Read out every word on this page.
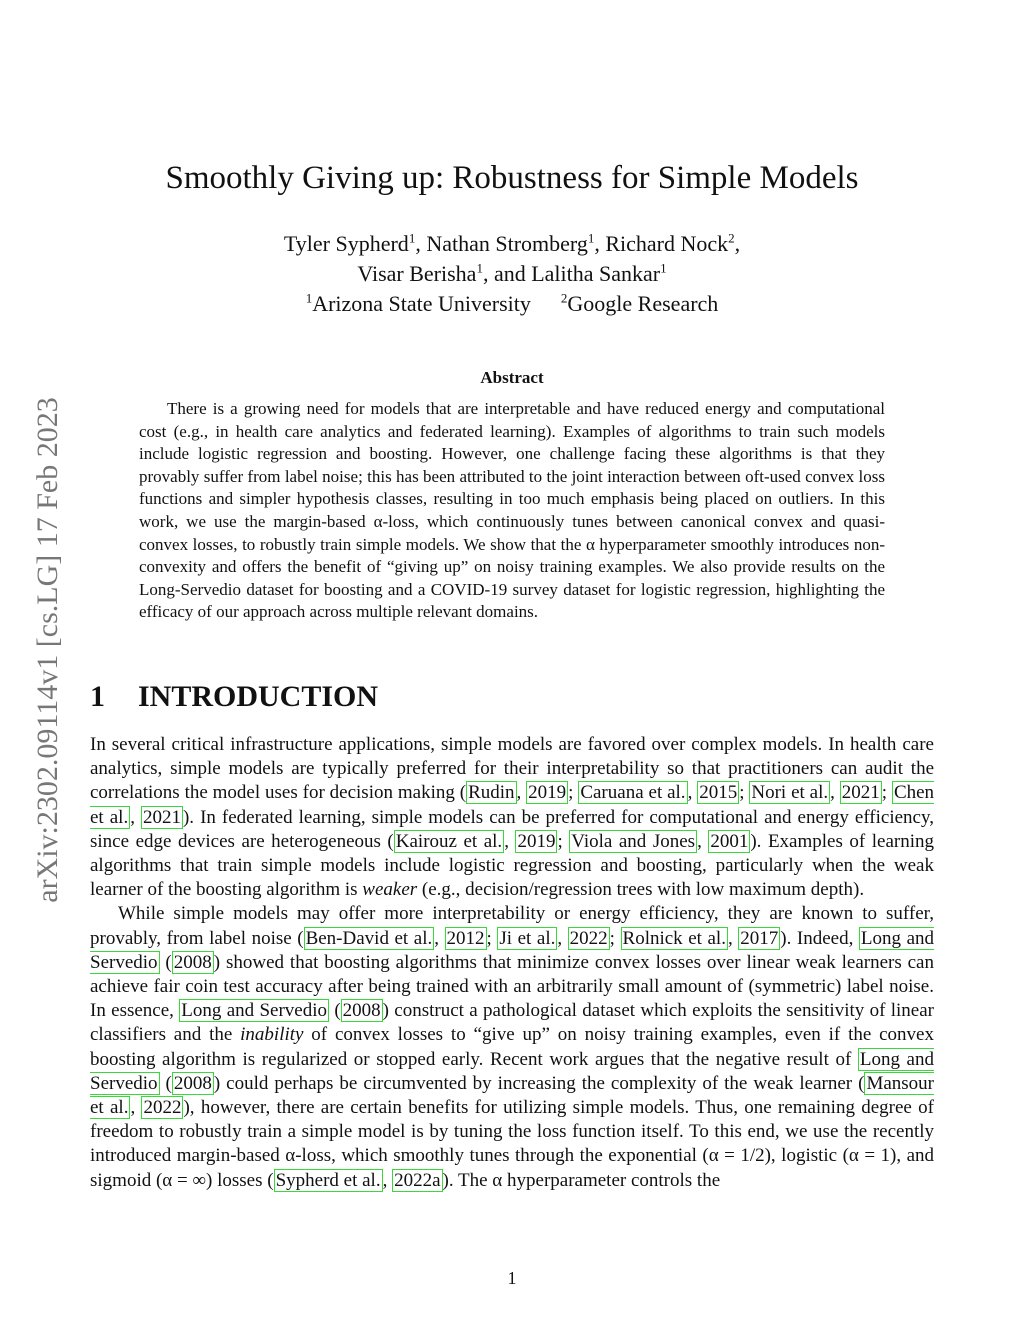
arXiv:2302.09114v1 [cs.LG] 17 Feb 2023
Smoothly Giving up: Robustness for Simple Models
Tyler Sypherd$^1$, Nathan Stromberg$^1$, Richard Nock$^2$,
Visar Berisha$^1$, and Lalitha Sankar$^1$
$^1$Arizona State University $^2$Google Research
Abstract

There is a growing need for models that are interpretable and have reduced energy and computational cost (e.g., in health care analytics and federated learning). Examples of algorithms to train such models include logistic regression and boosting. However, one challenge facing these algorithms is that they provably suffer from label noise; this has been attributed to the joint interaction between oft-used convex loss functions and simpler hypothesis classes, resulting in too much emphasis being placed on outliers. In this work, we use the margin-based α-loss, which continuously tunes between canonical convex and quasi-convex losses, to robustly train simple models. We show that the α hyperparameter smoothly introduces non-convexity and offers the benefit of “giving up” on noisy training examples. We also provide results on the Long-Servedio dataset for boosting and a COVID-19 survey dataset for logistic regression, highlighting the efficacy of our approach across multiple relevant domains.

1 INTRODUCTION

In several critical infrastructure applications, simple models are favored over complex models. In health care analytics, simple models are typically preferred for their interpretability so that practitioners can audit the correlations the model uses for decision making ( Rudin , 2019 ; Caruana et al. , 2015 ; Nori et al. , 2021 ; Chen et al. , 2021 ). In federated learning, simple models can be preferred for computational and energy efficiency, since edge devices are heterogeneous ( Kairouz et al. , 2019 ; Viola and Jones , 2001 ). Examples of learning algorithms that train simple models include logistic regression and boosting, particularly when the weak learner of the boosting algorithm is weaker (e.g., decision/regression trees with low maximum depth).

While simple models may offer more interpretability or energy efficiency, they are known to suffer, provably, from label noise ( Ben-David et al. , 2012 ; Ji et al. , 2022 ; Rolnick et al. , 2017 ). Indeed, Long and Servedio ( 2008 ) showed that boosting algorithms that minimize convex losses over linear weak learners can achieve fair coin test accuracy after being trained with an arbitrarily small amount of (symmetric) label noise. In essence, Long and Servedio ( 2008 ) construct a pathological dataset which exploits the sensitivity of linear classifiers and the inability of convex losses to “give up” on noisy training examples, even if the convex boosting algorithm is regularized or stopped early. Recent work argues that the negative result of Long and Servedio ( 2008 ) could perhaps be circumvented by increasing the complexity of the weak learner ( Mansour et al. , 2022 ), however, there are certain benefits for utilizing simple models. Thus, one remaining degree of freedom to robustly train a simple model is by tuning the loss function itself. To this end, we use the recently introduced margin-based α-loss, which smoothly tunes through the exponential (α = 1/2), logistic (α = 1), and sigmoid (α = ∞) losses ( Sypherd et al. , 2022a ). The α hyperparameter controls the

1
